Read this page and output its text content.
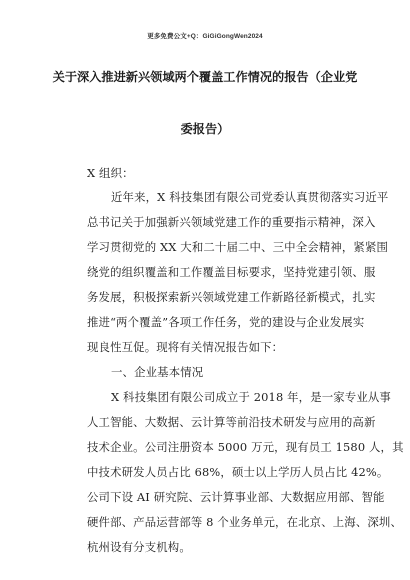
更多免费公文+Q：GiGiGongWen2024
关于深入推进新兴领域两个覆盖工作情况的报告（企业党
委报告）
X 组织：
近年来，X 科技集团有限公司党委认真贯彻落实习近平
总书记关于加强新兴领域党建工作的重要指示精神，深入
学习贯彻党的 XX 大和二十届二中、三中全会精神，紧紧围
绕党的组织覆盖和工作覆盖目标要求，坚持党建引领、服
务发展，积极探索新兴领域党建工作新路径新模式，扎实
推进“两个覆盖”各项工作任务，党的建设与企业发展实
现良性互促。现将有关情况报告如下：
一、企业基本情况
X 科技集团有限公司成立于 2018 年，是一家专业从事
人工智能、大数据、云计算等前沿技术研发与应用的高新
技术企业。公司注册资本 5000 万元，现有员工 1580 人，其
中技术研发人员占比 68%，硕士以上学历人员占比 42%。
公司下设 AI 研究院、云计算事业部、大数据应用部、智能
硬件部、产品运营部等 8 个业务单元，在北京、上海、深圳、
杭州设有分支机构。
